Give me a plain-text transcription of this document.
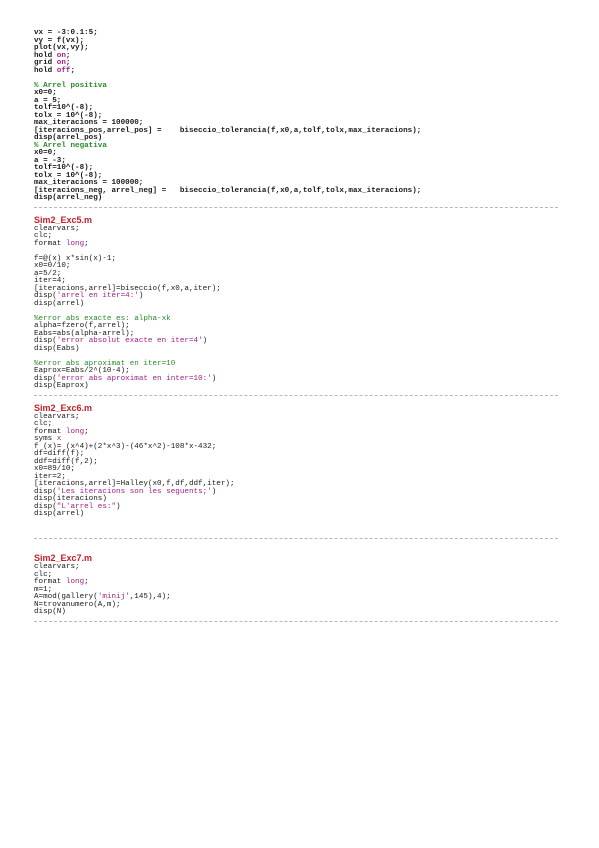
vx = -3:0.1:5;
vy = f(vx);
plot(vx,vy);
hold on;
grid on;
hold off;
% Arrel positiva
x0=0;
a = 5;
tolf=10^(-8);
tolx = 10^(-8);
max_iteracions = 100000;
[iteracions_pos,arrel_pos] =    biseccio_tolerancia(f,x0,a,tolf,tolx,max_iteracions);
disp(arrel_pos)
% Arrel negativa
x0=0;
a = -3;
tolf=10^(-8);
tolx = 10^(-8);
max_iteracions = 100000;
[iteracions_neg, arrel_neg] =   biseccio_tolerancia(f,x0,a,tolf,tolx,max_iteracions);
disp(arrel_neg)
Sim2_Exc5.m
clearvars;
clc;
format long;
f=@(x) x*sin(x)-1;
x0=0/10;
a=5/2;
iter=4;
[iteracions,arrel]=biseccio(f,x0,a,iter);
disp('arrel en iter=4:')
disp(arrel)
%error abs exacte es: alpha-xk
alpha=fzero(f,arrel);
Eabs=abs(alpha-arrel);
disp('error absolut exacte en iter=4')
disp(Eabs)
%error abs aproximat en iter=10
Eaprox=Eabs/2^(10-4);
disp('error abs aproximat en inter=10:')
disp(Eaprox)
Sim2_Exc6.m
clearvars;
clc;
format long;
syms x
f (x)= (x^4)+(2*x^3)-(46*x^2)-108*x-432;
df=diff(f);
ddf=diff(f,2);
x0=89/10;
iter=2;
[iteracions,arrel]=Halley(x0,f,df,ddf,iter);
disp('Les iteracions son les seguents;')
disp(iteracions)
disp("L'arrel es:")
disp(arrel)
Sim2_Exc7.m
clearvars;
clc;
format long;
m=1;
A=mod(gallery('minij',145),4);
N=trovanumero(A,m);
disp(N)
